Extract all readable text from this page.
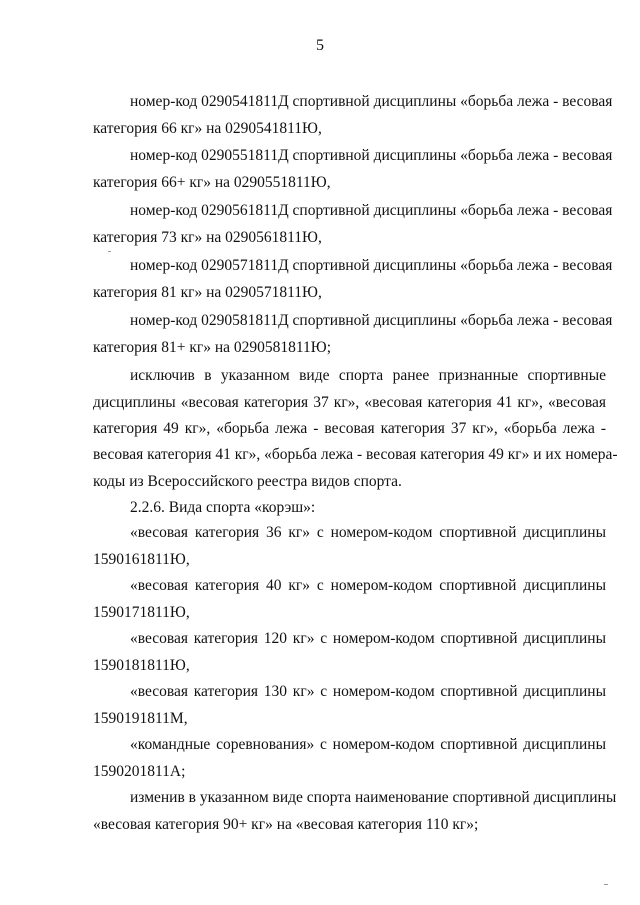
5
номер-код 0290541811Д спортивной дисциплины «борьба лежа - весовая
категория 66 кг» на 0290541811Ю,
номер-код 0290551811Д спортивной дисциплины «борьба лежа - весовая
категория 66+ кг» на 0290551811Ю,
номер-код 0290561811Д спортивной дисциплины «борьба лежа - весовая
категория 73 кг» на 0290561811Ю,
номер-код 0290571811Д спортивной дисциплины «борьба лежа - весовая
категория 81 кг» на 0290571811Ю,
номер-код 0290581811Д спортивной дисциплины «борьба лежа - весовая
категория 81+ кг» на 0290581811Ю;
исключив в указанном виде спорта ранее признанные спортивные
дисциплины «весовая категория 37 кг», «весовая категория 41 кг», «весовая
категория 49 кг», «борьба лежа - весовая категория 37 кг», «борьба лежа -
весовая категория 41 кг», «борьба лежа - весовая категория 49 кг» и их номера-
коды из Всероссийского реестра видов спорта.
2.2.6. Вида спорта «корэш»:
«весовая категория 36 кг» с номером-кодом спортивной дисциплины
1590161811Ю,
«весовая категория 40 кг» с номером-кодом спортивной дисциплины
1590171811Ю,
«весовая категория 120 кг» с номером-кодом спортивной дисциплины
1590181811Ю,
«весовая категория 130 кг» с номером-кодом спортивной дисциплины
1590191811М,
«командные соревнования» с номером-кодом спортивной дисциплины
1590201811А;
изменив в указанном виде спорта наименование спортивной дисциплины
«весовая категория 90+ кг» на «весовая категория 110 кг»;
